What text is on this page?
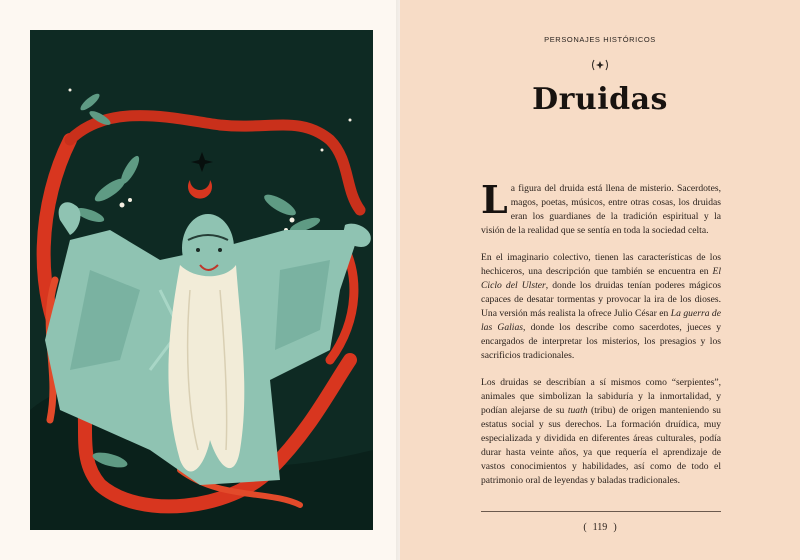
PERSONAJES HISTÓRICOS
Druidas

La figura del druida está llena de misterio. Sacerdotes, magos, poetas, músicos, entre otras cosas, los druidas eran los guardianes de la tradición espiritual y la visión de la realidad que se sentía en toda la sociedad celta.

En el imaginario colectivo, tienen las características de los hechiceros, una descripción que también se encuentra en El Ciclo del Ulster, donde los druidas tenían poderes mágicos capaces de desatar tormentas y provocar la ira de los dioses. Una versión más realista la ofrece Julio César en La guerra de las Galias, donde los describe como sacerdotes, jueces y encargados de interpretar los misterios, los presagios y los sacrificios tradicionales.

Los druidas se describían a sí mismos como “serpientes”, animales que simbolizan la sabiduría y la inmortalidad, y podían alejarse de su tuath (tribu) de origen manteniendo su estatus social y sus derechos. La formación druídica, muy especializada y dividida en diferentes áreas culturales, podía durar hasta veinte años, ya que requería el aprendizaje de vastos conocimientos y habilidades, así como de todo el patrimonio oral de leyendas y baladas tradicionales.

( 119 )
